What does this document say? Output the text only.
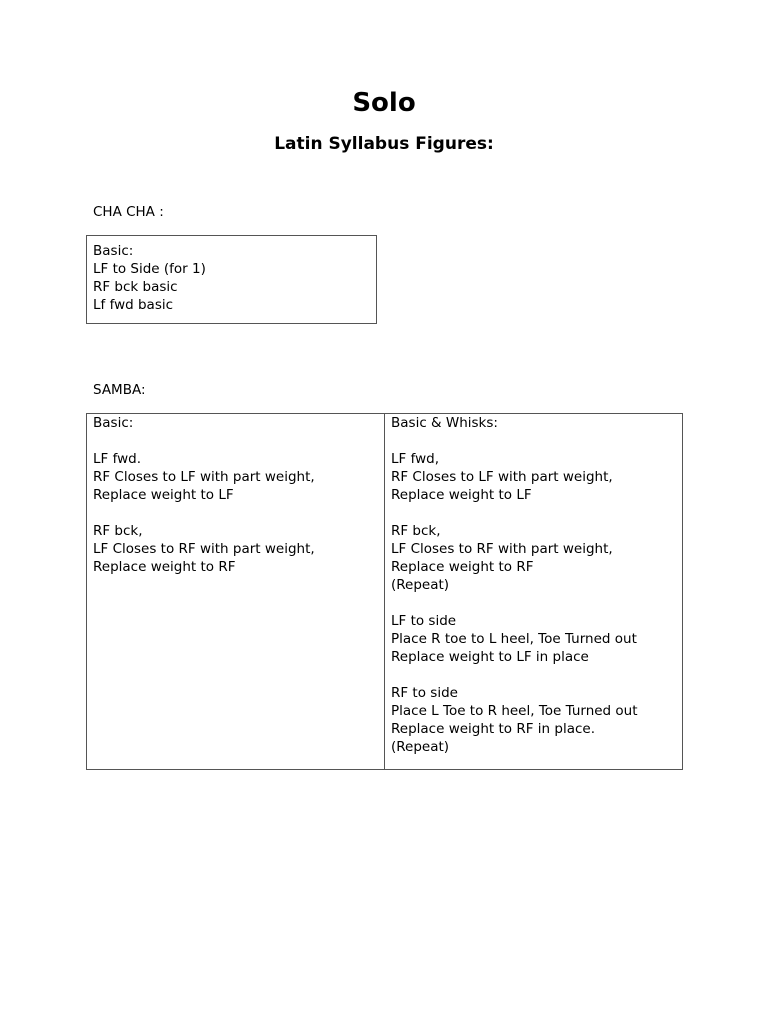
Solo
Latin Syllabus Figures:
CHA CHA :
Basic:
LF to Side (for 1)
RF bck basic
Lf fwd basic
SAMBA:
Basic:
LF fwd.
RF Closes to LF with part weight,
Replace weight to LF
RF bck,
LF Closes to RF with part weight,
Replace weight to RF
Basic & Whisks:
LF fwd,
RF Closes to LF with part weight,
Replace weight to LF
RF bck,
LF Closes to RF with part weight,
Replace weight to RF
(Repeat)
LF to side
Place R toe to L heel, Toe Turned out
Replace weight to LF in place
RF to side
Place L Toe to R heel, Toe Turned out
Replace weight to RF in place.
(Repeat)
